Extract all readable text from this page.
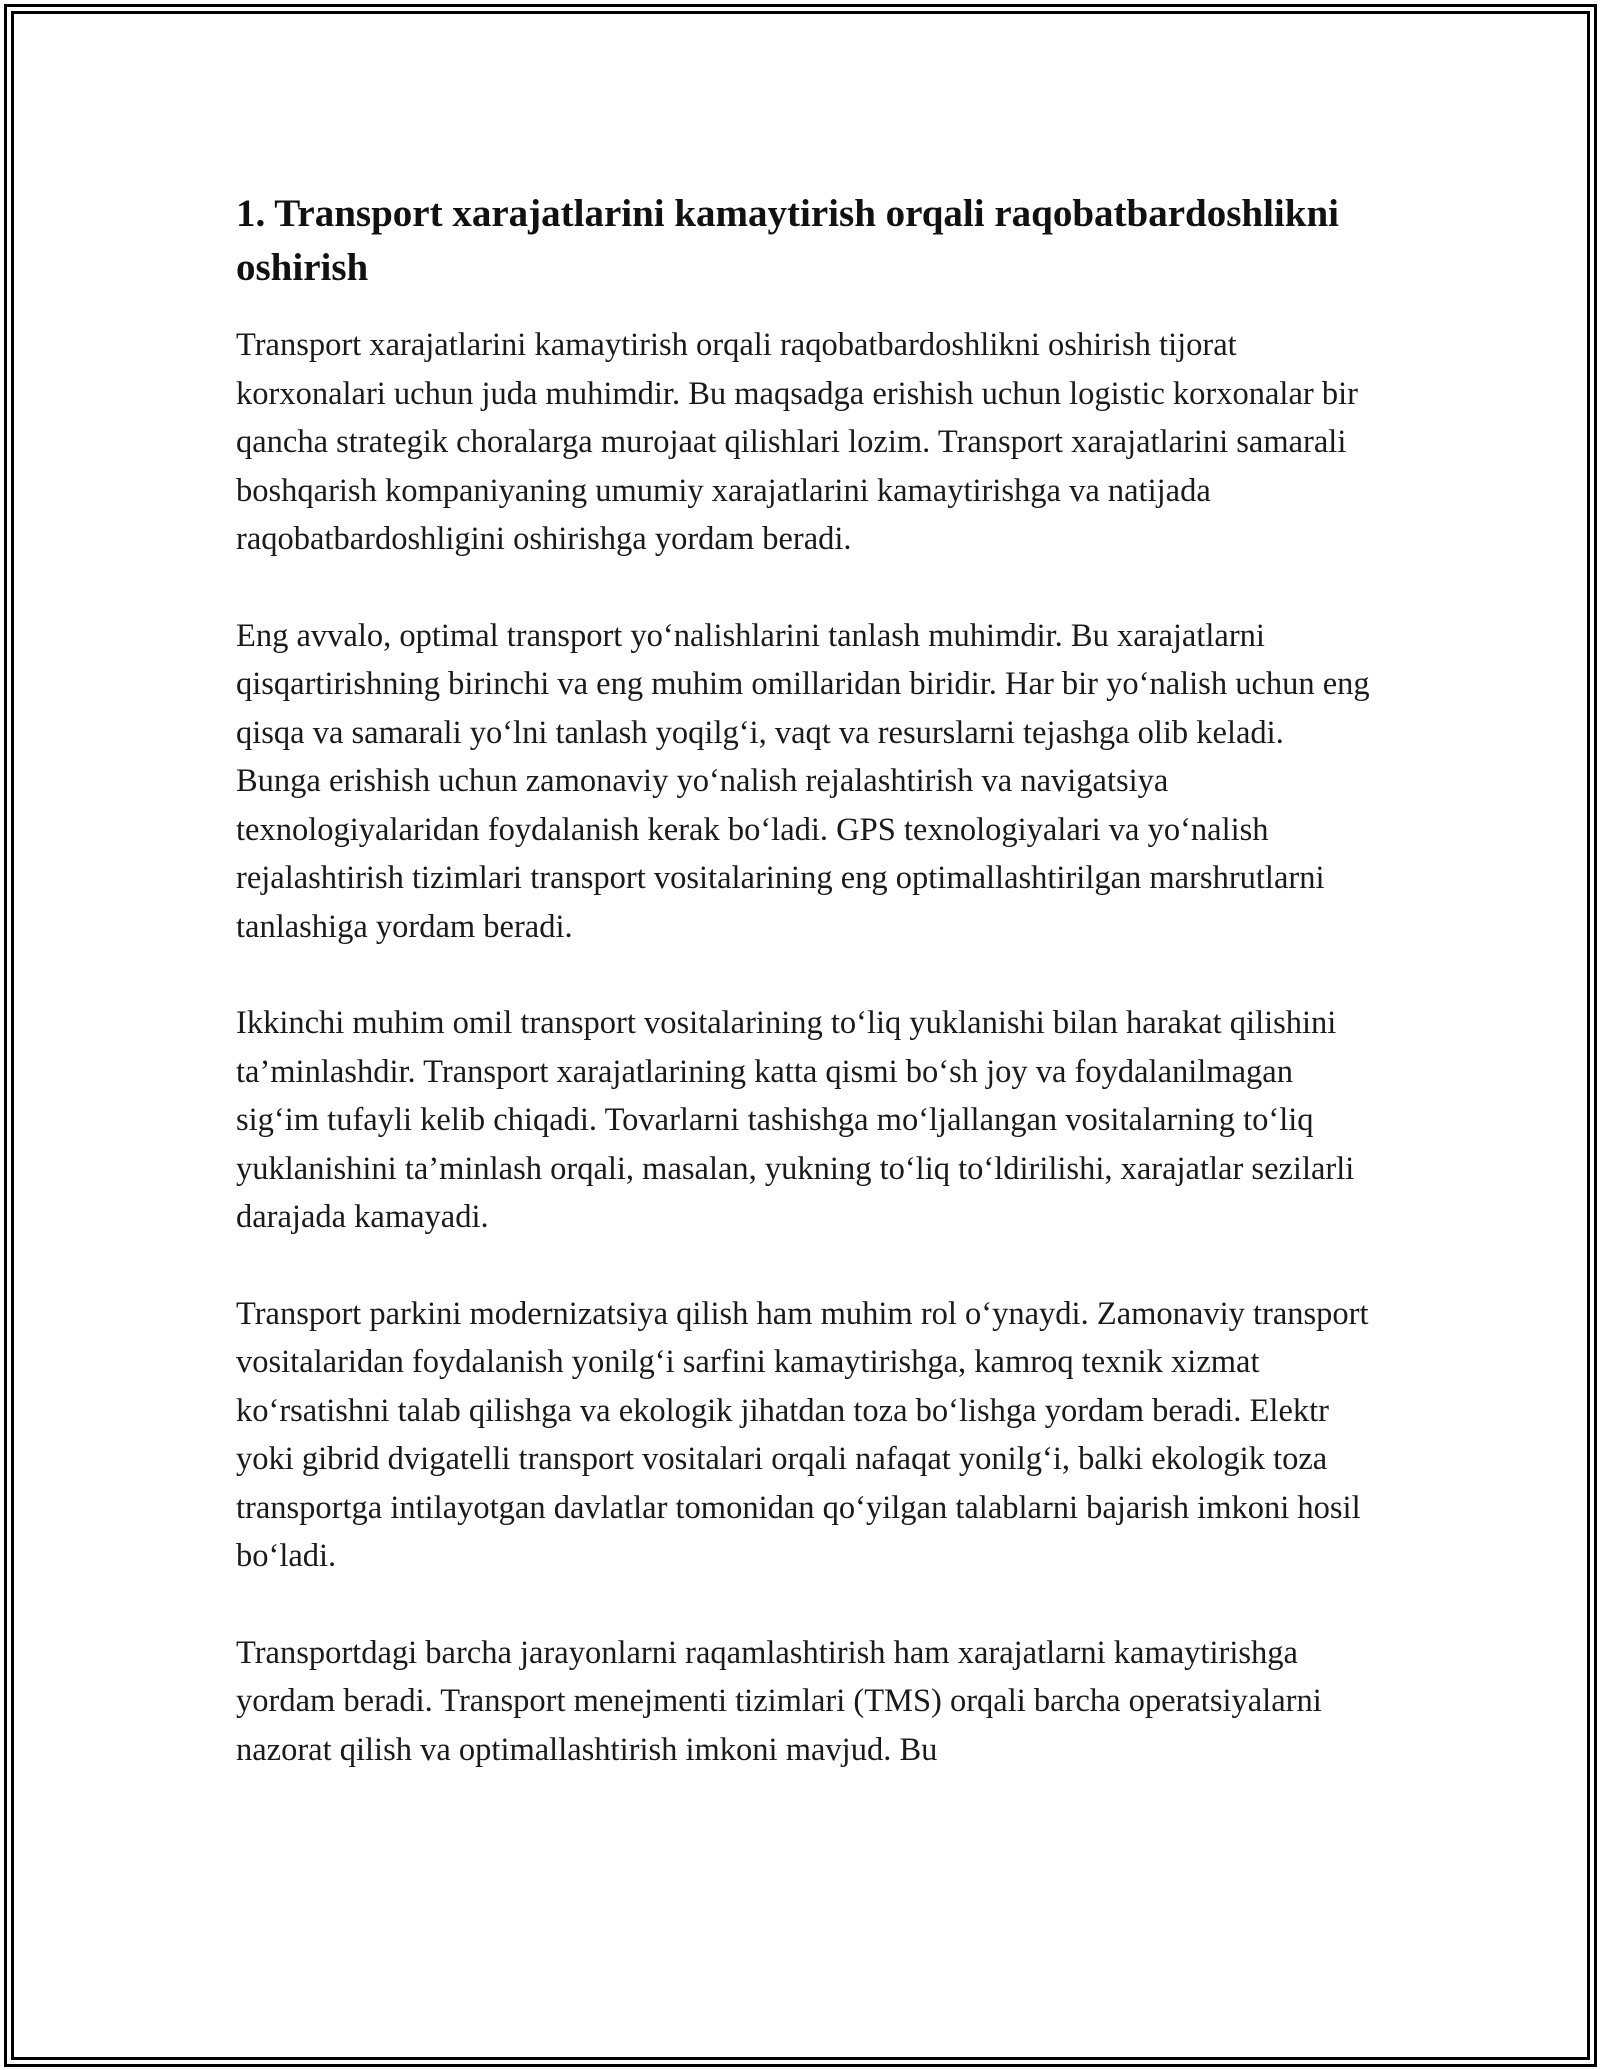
1. Transport xarajatlarini kamaytirish orqali raqobatbardoshlikni oshirish

Transport xarajatlarini kamaytirish orqali raqobatbardoshlikni oshirish tijorat korxonalari uchun juda muhimdir. Bu maqsadga erishish uchun logistic korxonalar bir qancha strategik choralarga murojaat qilishlari lozim. Transport xarajatlarini samarali boshqarish kompaniyaning umumiy xarajatlarini kamaytirishga va natijada raqobatbardoshligini oshirishga yordam beradi.

Eng avvalo, optimal transport yo‘nalishlarini tanlash muhimdir. Bu xarajatlarni qisqartirishning birinchi va eng muhim omillaridan biridir. Har bir yo‘nalish uchun eng qisqa va samarali yo‘lni tanlash yoqilg‘i, vaqt va resurslarni tejashga olib keladi. Bunga erishish uchun zamonaviy yo‘nalish rejalashtirish va navigatsiya texnologiyalaridan foydalanish kerak bo‘ladi. GPS texnologiyalari va yo‘nalish rejalashtirish tizimlari transport vositalarining eng optimallashtirilgan marshrutlarni tanlashiga yordam beradi.

Ikkinchi muhim omil transport vositalarining to‘liq yuklanishi bilan harakat qilishini ta’minlashdir. Transport xarajatlarining katta qismi bo‘sh joy va foydalanilmagan sig‘im tufayli kelib chiqadi. Tovarlarni tashishga mo‘ljallangan vositalarning to‘liq yuklanishini ta’minlash orqali, masalan, yukning to‘liq to‘ldirilishi, xarajatlar sezilarli darajada kamayadi.

Transport parkini modernizatsiya qilish ham muhim rol o‘ynaydi. Zamonaviy transport vositalaridan foydalanish yonilg‘i sarfini kamaytirishga, kamroq texnik xizmat ko‘rsatishni talab qilishga va ekologik jihatdan toza bo‘lishga yordam beradi. Elektr yoki gibrid dvigatelli transport vositalari orqali nafaqat yonilg‘i, balki ekologik toza transportga intilayotgan davlatlar tomonidan qo‘yilgan talablarni bajarish imkoni hosil bo‘ladi.

Transportdagi barcha jarayonlarni raqamlashtirish ham xarajatlarni kamaytirishga yordam beradi. Transport menejmenti tizimlari (TMS) orqali barcha operatsiyalarni nazorat qilish va optimallashtirish imkoni mavjud. Bu
